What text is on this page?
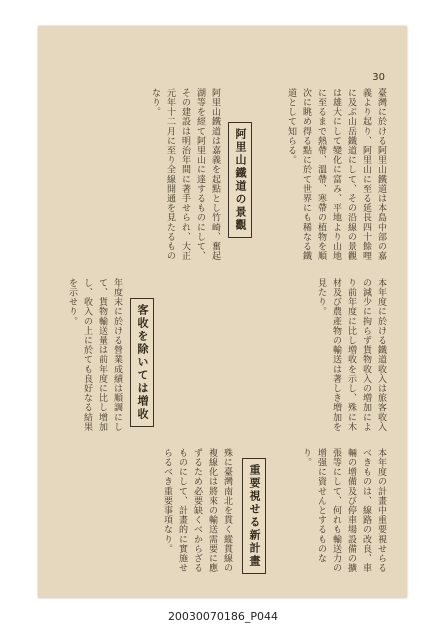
30
臺灣に於ける阿里山鐵道は本島中部の嘉義より起り、阿里山に至る延長四十餘哩に及ぶ山岳鐵道にして、その沿線の景觀は雄大にして變化に富み、平地より山地に至るまで熱帶、溫帶、寒帶の植物を順次に眺め得る點に於て世界にも稀なる鐵道として知らる。
阿里山鐵道の景觀
阿里山鐵道は嘉義を起點とし竹崎、奮起湖等を經て阿里山に達するものにして、その建設は明治年間に著手せられ、大正元年十二月に至り全線開通を見たるものなり。
本年度に於ける鐵道收入は旅客收入の減少に拘らず貨物收入の増加により前年度に比し増收を示し、殊に木材及び農產物の輸送は著しき増加を見たり。
客收を除いては増收
年度末に於ける營業成績は順調にして、貨物輸送量は前年度に比し增加し、收入の上に於ても良好なる結果を示せり。
本年度の計畫中重要視せらるべきものは、線路の改良、車輛の增備及び停車場設備の擴張等にして、何れも輸送力の增强に資せんとするものなり。
重要視せる新計畫
殊に臺灣南北を貫く縱貫線の複線化は將來の輸送需要に應ずるため必要缺くべからざるものにして、計畫的に實施せらるべき重要事項なり。
20030070186_P044
